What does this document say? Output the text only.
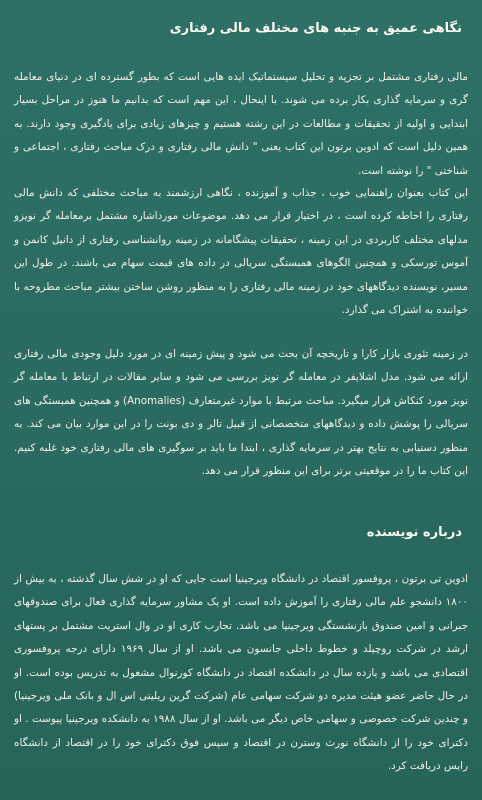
نگاهی عمیق به جنبه های مختلف مالی رفتاری

مالی رفتاری مشتمل بر تجزیه و تحلیل سیستماتیک ایده هایی است که بطور گسترده ای در دنیای معامله گری و سرمایه گذاری بکار برده می شوند. با اینحال ، این مهم است که بدانیم ما هنوز در مراحل بسیار ابتدایی و اولیه از تحقیقات و مطالعات در این رشته هستیم و چیزهای زیادی برای یادگیری وجود دارند. به همین دلیل است که ادوین برتون این کتاب یعنی " دانش مالی رفتاری و درک مباحث رفتاری ، اجتماعی و شناختی " را نوشته است.

این کتاب بعنوان راهنمایی خوب ، جذاب و آموزنده ، نگاهی ارزشمند به مباحث مختلفی که دانش مالی رفتاری را احاطه کرده است ، در اختیار قرار می دهد. موضوعات مورداشاره مشتمل برمعامله گر نویزو مدلهای مختلف کاربردی در این زمینه ، تحقیقات پیشگامانه در زمینه روانشناسی رفتاری از دانیل کانمن و آموس تورسکی و همچنین الگوهای همبستگی سریالی در داده های قیمت سهام می باشند. در طول این مسیر، نویسنده دیدگاههای خود در زمینه مالی رفتاری را به منظور روشن ساختن بیشتر مباحث مطروحه با خواننده به اشتراک می گذارد.

در زمینه تئوری بازار کارا و تاریخچه آن بحث می شود و پیش زمینه ای در مورد دلیل وجودی مالی رفتاری ارائه می شود. مدل اشلایفر در معامله گر نویز بررسی می شود و سایر مقالات در ارتباط با معامله گر نویز مورد کنکاش قرار میگیرد. مباحث مرتبط با موارد غیرمتعارف (Anomalies) و همچنین همبستگی های سریالی را پوشش داده و دیدگاههای متخصصانی از قبیل تالر و دی بونت را در این موارد بیان می کند. به منظور دستیابی به نتایج بهتر در سرمایه گذاری ، ابتدا ما باید بر سوگیری های مالی رفتاری خود غلبه کنیم. این کتاب ما را در موقعیتی برتر برای این منظور قرار می دهد.

درباره نویسنده

ادوین تی برتون ، پروفسور اقتصاد در دانشگاه ویرجینیا است جایی که او در شش سال گذشته ، به بیش از ۱۸۰۰ دانشجو علم مالی رفتاری را آموزش داده است. او یک مشاور سرمایه گذاری فعال برای صندوقهای جبرانی و امین صندوق بازنشستگی ویرجینیا می باشد. تجارب کاری او در وال استریت مشتمل بر پستهای ارشد در شرکت روچیلد و خطوط داخلی جانسون می باشد. او از سال ۱۹۶۹ دارای درجه پروفسوری اقتصادی می باشد و یازده سال در دانشکده اقتصاد در دانشگاه کورنوال مشغول به تدریس بوده است. او در حال حاضر عضو هیئت مدیره دو شرکت سهامی عام (شرکت گرین ریلیتی اس ال و بانک ملی ویرجینیا) و چندین شرکت خصوصی و سهامی خاص دیگر می باشد. او از سال ۱۹۸۸ به دانشکده ویرجینیا پیوست . او دکترای خود را از دانشگاه نورث وسترن در اقتصاد و سپس فوق دکترای خود را در اقتصاد از دانشگاه رایس دریافت کرد.
